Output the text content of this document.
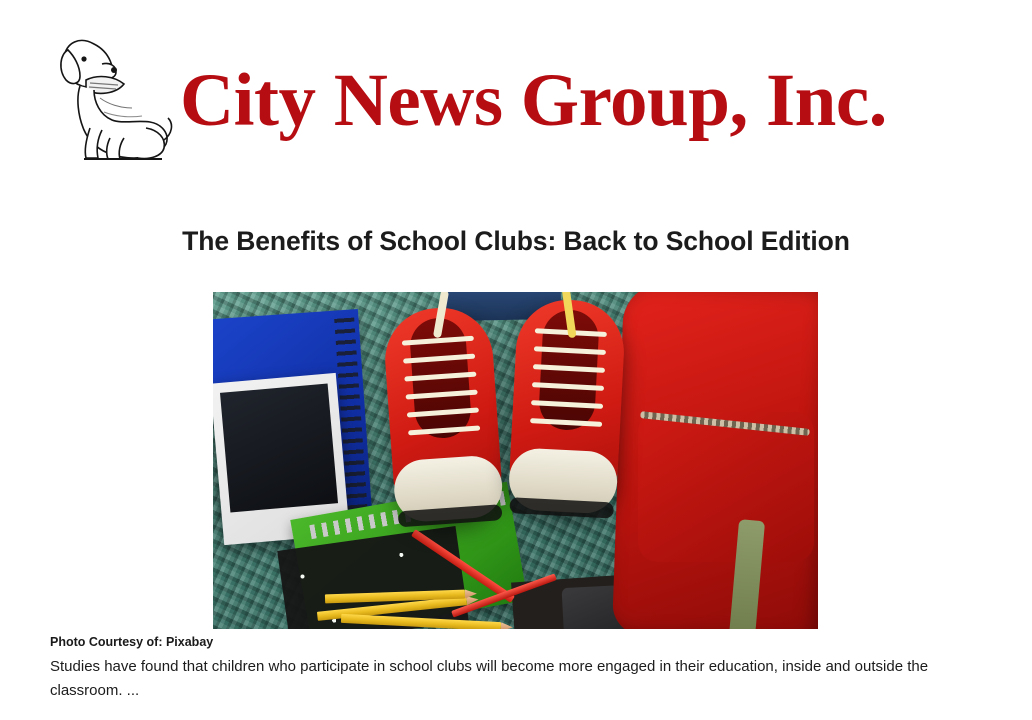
City News Group, Inc.
The Benefits of School Clubs: Back to School Edition
Photo Courtesy of: Pixabay
Studies have found that children who participate in school clubs will become more engaged in their education, inside and outside the classroom. ...
